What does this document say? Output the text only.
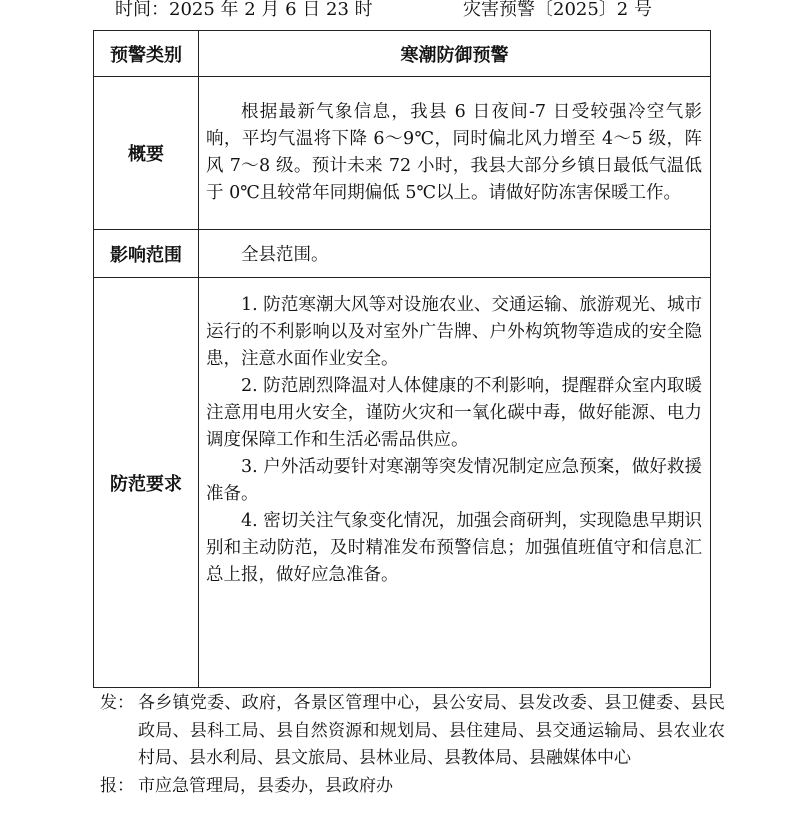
时间：2025 年 2 月 6 日 23 时	灾害预警〔2025〕2 号
预警类别	寒潮防御预警
概要	根据最新气象信息，我县 6 日夜间-7 日受较强冷空气影响，平均气温将下降 6～9℃，同时偏北风力增至 4～5 级，阵风 7～8 级。预计未来 72 小时，我县大部分乡镇日最低气温低于 0℃且较常年同期偏低 5℃以上。请做好防冻害保暖工作。

影响范围	全县范围。

防范要求	1. 防范寒潮大风等对设施农业、交通运输、旅游观光、城市运行的不利影响以及对室外广告牌、户外构筑物等造成的安全隐患，注意水面作业安全。

2. 防范剧烈降温对人体健康的不利影响，提醒群众室内取暖注意用电用火安全，谨防火灾和一氧化碳中毒，做好能源、电力调度保障工作和生活必需品供应。

3. 户外活动要针对寒潮等突发情况制定应急预案，做好救援准备。

4. 密切关注气象变化情况，加强会商研判，实现隐患早期识别和主动防范，及时精准发布预警信息；加强值班值守和信息汇总上报，做好应急准备。

发： 各乡镇党委、政府，各景区管理中心，县公安局、县发改委、县卫健委、县民政局、县科工局、县自然资源和规划局、县住建局、县交通运输局、县农业农村局、县水利局、县文旅局、县林业局、县教体局、县融媒体中心
报： 市应急管理局，县委办，县政府办
